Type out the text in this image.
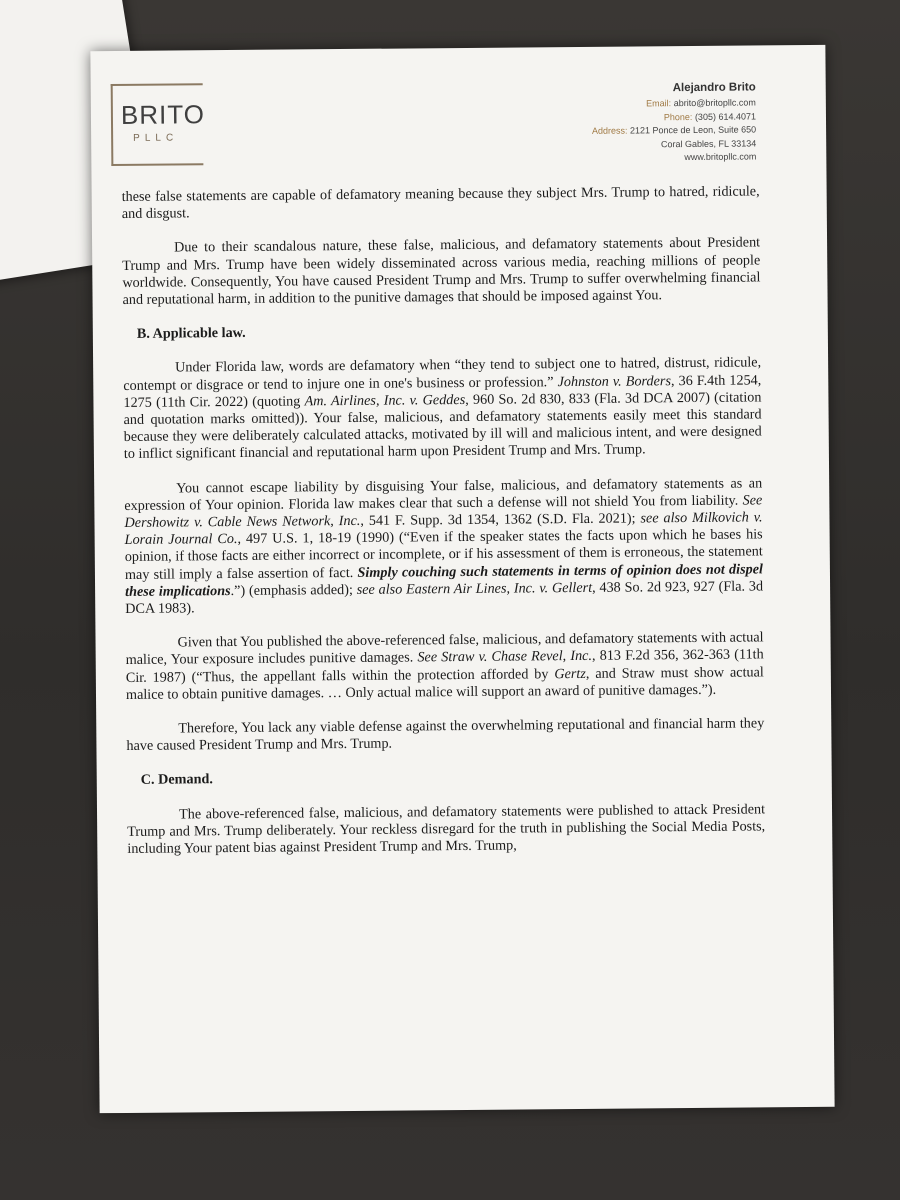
BRITO
PLLC
Alejandro Brito
Email: abrito@britopllc.com
Phone: (305) 614.4071
Address: 2121 Ponce de Leon, Suite 650
Coral Gables, FL 33134
www.britopllc.com

these false statements are capable of defamatory meaning because they subject Mrs. Trump to hatred, ridicule, and disgust.

Due to their scandalous nature, these false, malicious, and defamatory statements about President Trump and Mrs. Trump have been widely disseminated across various media, reaching millions of people worldwide. Consequently, You have caused President Trump and Mrs. Trump to suffer overwhelming financial and reputational harm, in addition to the punitive damages that should be imposed against You.

B. Applicable law.

Under Florida law, words are defamatory when “they tend to subject one to hatred, distrust, ridicule, contempt or disgrace or tend to injure one in one's business or profession.” Johnston v. Borders, 36 F.4th 1254, 1275 (11th Cir. 2022) (quoting Am. Airlines, Inc. v. Geddes, 960 So. 2d 830, 833 (Fla. 3d DCA 2007) (citation and quotation marks omitted)). Your false, malicious, and defamatory statements easily meet this standard because they were deliberately calculated attacks, motivated by ill will and malicious intent, and were designed to inflict significant financial and reputational harm upon President Trump and Mrs. Trump.

You cannot escape liability by disguising Your false, malicious, and defamatory statements as an expression of Your opinion. Florida law makes clear that such a defense will not shield You from liability. See Dershowitz v. Cable News Network, Inc., 541 F. Supp. 3d 1354, 1362 (S.D. Fla. 2021); see also Milkovich v. Lorain Journal Co., 497 U.S. 1, 18-19 (1990) (“Even if the speaker states the facts upon which he bases his opinion, if those facts are either incorrect or incomplete, or if his assessment of them is erroneous, the statement may still imply a false assertion of fact. Simply couching such statements in terms of opinion does not dispel these implications.”) (emphasis added); see also Eastern Air Lines, Inc. v. Gellert, 438 So. 2d 923, 927 (Fla. 3d DCA 1983).

Given that You published the above-referenced false, malicious, and defamatory statements with actual malice, Your exposure includes punitive damages. See Straw v. Chase Revel, Inc., 813 F.2d 356, 362-363 (11th Cir. 1987) (“Thus, the appellant falls within the protection afforded by Gertz, and Straw must show actual malice to obtain punitive damages. … Only actual malice will support an award of punitive damages.”).

Therefore, You lack any viable defense against the overwhelming reputational and financial harm they have caused President Trump and Mrs. Trump.

C. Demand.

The above-referenced false, malicious, and defamatory statements were published to attack President Trump and Mrs. Trump deliberately. Your reckless disregard for the truth in publishing the Social Media Posts, including Your patent bias against President Trump and Mrs. Trump,
